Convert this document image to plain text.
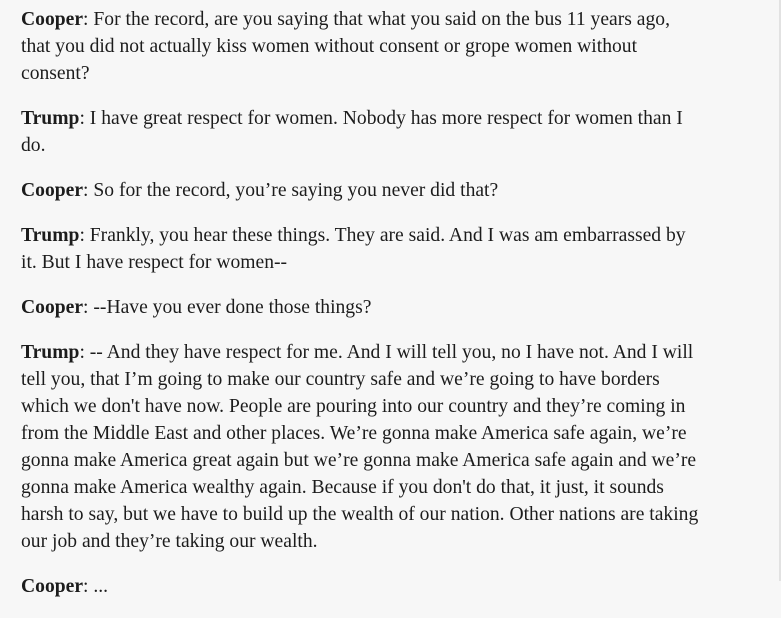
Cooper: For the record, are you saying that what you said on the bus 11 years ago, that you did not actually kiss women without consent or grope women without consent?

Trump: I have great respect for women. Nobody has more respect for women than I do.

Cooper: So for the record, you’re saying you never did that?

Trump: Frankly, you hear these things. They are said. And I was am embarrassed by it. But I have respect for women--

Cooper: --Have you ever done those things?

Trump: -- And they have respect for me. And I will tell you, no I have not. And I will tell you, that I’m going to make our country safe and we’re going to have borders which we don't have now. People are pouring into our country and they’re coming in from the Middle East and other places. We’re gonna make America safe again, we’re gonna make America great again but we’re gonna make America safe again and we’re gonna make America wealthy again. Because if you don't do that, it just, it sounds harsh to say, but we have to build up the wealth of our nation. Other nations are taking our job and they’re taking our wealth.

Cooper: ...
